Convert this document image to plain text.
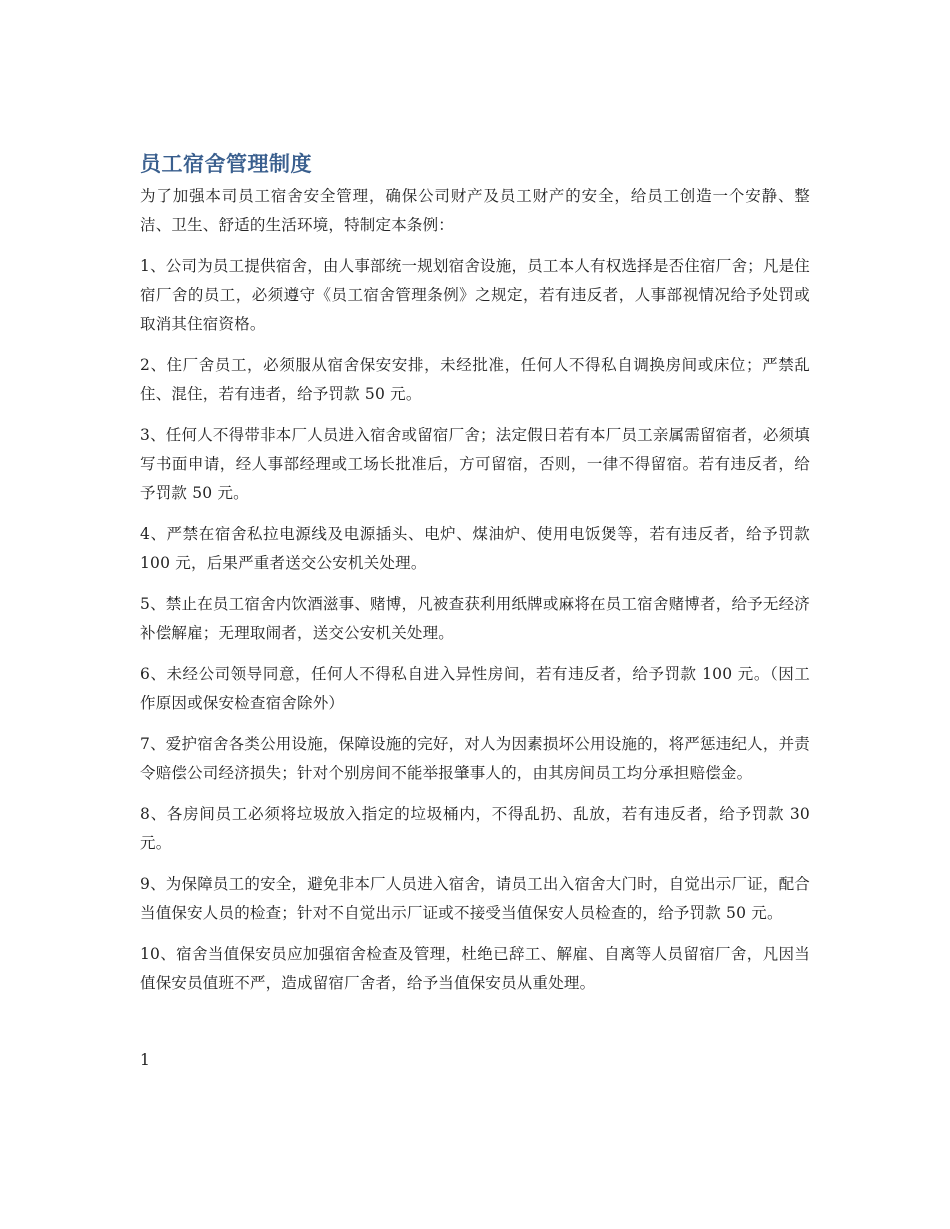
员工宿舍管理制度

为了加强本司员工宿舍安全管理，确保公司财产及员工财产的安全，给员工创造一个安静、整洁、卫生、舒适的生活环境，特制定本条例：

1、公司为员工提供宿舍，由人事部统一规划宿舍设施，员工本人有权选择是否住宿厂舍；凡是住宿厂舍的员工，必须遵守《员工宿舍管理条例》之规定，若有违反者，人事部视情况给予处罚或取消其住宿资格。

2、住厂舍员工，必须服从宿舍保安安排，未经批准，任何人不得私自调换房间或床位；严禁乱住、混住，若有违者，给予罚款 50 元。

3、任何人不得带非本厂人员进入宿舍或留宿厂舍；法定假日若有本厂员工亲属需留宿者，必须填写书面申请，经人事部经理或工场长批准后，方可留宿，否则，一律不得留宿。若有违反者，给予罚款 50 元。

4、严禁在宿舍私拉电源线及电源插头、电炉、煤油炉、使用电饭煲等，若有违反者，给予罚款 100 元，后果严重者送交公安机关处理。

5、禁止在员工宿舍内饮酒滋事、赌博，凡被查获利用纸牌或麻将在员工宿舍赌博者，给予无经济补偿解雇；无理取闹者，送交公安机关处理。

6、未经公司领导同意，任何人不得私自进入异性房间，若有违反者，给予罚款 100 元。（因工作原因或保安检查宿舍除外）

7、爱护宿舍各类公用设施，保障设施的完好，对人为因素损坏公用设施的，将严惩违纪人，并责令赔偿公司经济损失；针对个别房间不能举报肇事人的，由其房间员工均分承担赔偿金。

8、各房间员工必须将垃圾放入指定的垃圾桶内，不得乱扔、乱放，若有违反者，给予罚款 30 元。

9、为保障员工的安全，避免非本厂人员进入宿舍，请员工出入宿舍大门时，自觉出示厂证，配合当值保安人员的检查；针对不自觉出示厂证或不接受当值保安人员检查的，给予罚款 50 元。

10、宿舍当值保安员应加强宿舍检查及管理，杜绝已辞工、解雇、自离等人员留宿厂舍，凡因当值保安员值班不严，造成留宿厂舍者，给予当值保安员从重处理。

1
